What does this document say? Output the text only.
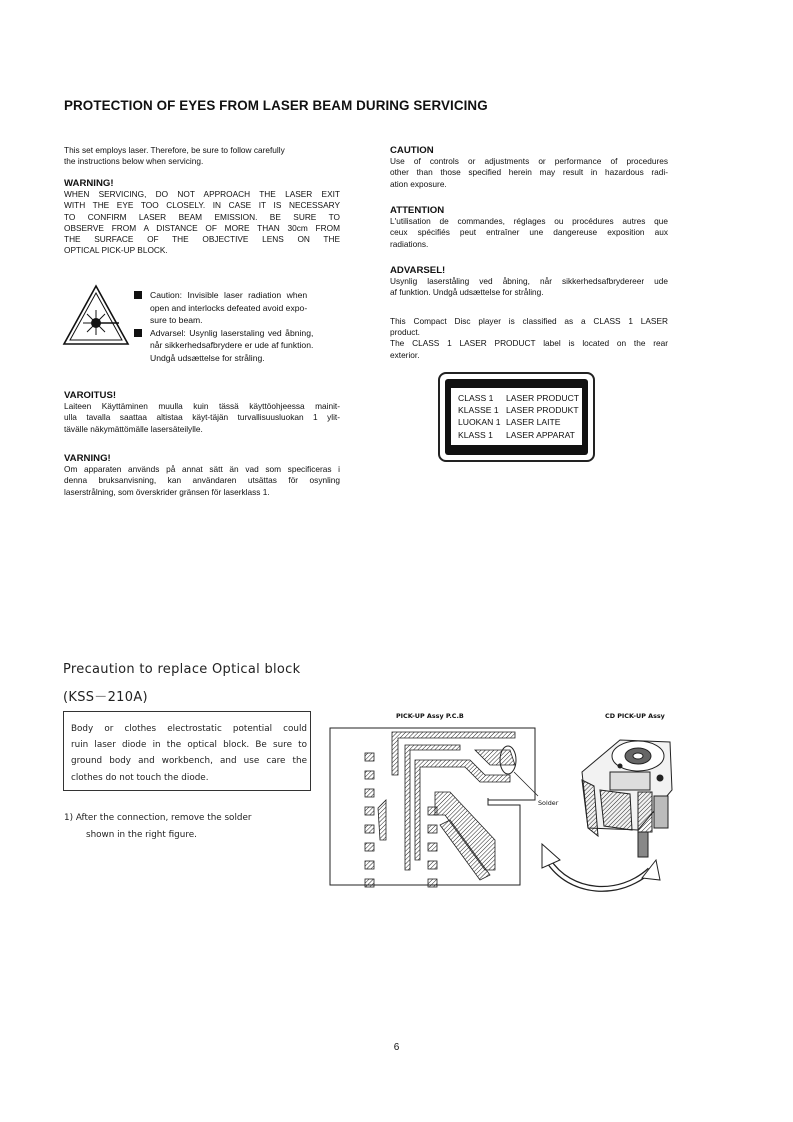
PROTECTION OF EYES FROM LASER BEAM DURING SERVICING

This set employs laser. Therefore, be sure to follow carefully

the instructions below when servicing.

WARNING!

WHEN SERVICING, DO NOT APPROACH THE LASER EXIT

WITH THE EYE TOO CLOSELY. IN CASE IT IS NECESSARY

TO CONFIRM LASER BEAM EMISSION. BE SURE TO

OBSERVE FROM A DISTANCE OF MORE THAN 30cm FROM

THE SURFACE OF THE OBJECTIVE LENS ON THE

OPTICAL PICK-UP BLOCK.

Caution: Invisible laser radiation when
open and interlocks defeated avoid expo-
sure to beam.
Advarsel: Usynlig laserstaling ved åbning,
når sikkerhedsafbrydere er ude af funktion.
Undgå udsættelse for stråling.

VAROITUS!

Laiteen Käyttäminen muulla kuin tässä käyttöohjeessa mainit-

ulla tavalla saattaa altistaa käyt-täjän turvallisuusluokan 1 ylit-

tävälle näkymättömälle lasersäteilylle.

VARNING!

Om apparaten används på annat sätt än vad som specificeras i

denna bruksanvisning, kan användaren utsättas för osynling

laserstrålning, som överskrider gränsen för laserklass 1.

CAUTION

Use of controls or adjustments or performance of procedures

other than those specified herein may result in hazardous radi-

ation exposure.

ATTENTION

L'utilisation de commandes, réglages ou procédures autres que

ceux spécifiés peut entraîner une dangereuse exposition aux

radiations.

ADVARSEL!

Usynlig laserståling ved åbning, når sikkerhedsafbrydereer ude

af funktion. Undgå udsættelse for stråling.

This Compact Disc player is classified as a CLASS 1 LASER

product.

The CLASS 1 LASER PRODUCT label is located on the rear

exterior.

CLASS 1	LASER PRODUCT
KLASSE 1 LASER PRODUKT
LUOKAN 1 LASER LAITE
KLASS 1	LASER APPARAT
Precaution to replace Optical block
(KSS－210A)
Body or clothes electrostatic potential could
ruin laser diode in the optical block. Be sure to
ground body and workbench, and use care the
clothes do not touch the diode.
1) After the connection, remove the solder
shown in the right figure.
PICK-UP Assy P.C.B	CD PICK-UP Assy
Solder
6
